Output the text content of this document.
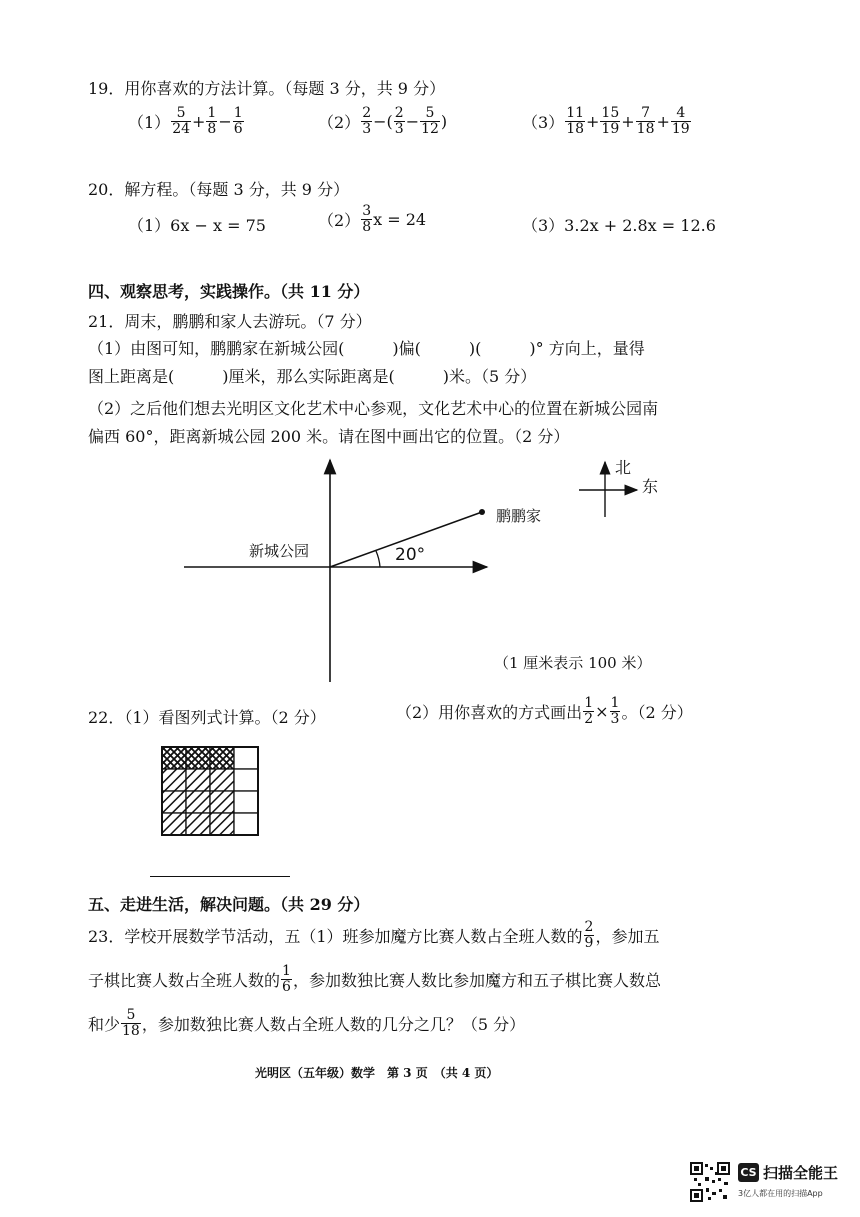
19．用你喜欢的方法计算。（每题 3 分，共 9 分）
$(1) \frac{5}{24} + \frac{1}{8} - \frac{1}{6}$	$(2) \frac{2}{3}$ −( $\frac{2}{3} - \frac{5}{12}$ )	$(3) \frac{11}{18} + \frac{15}{19} + \frac{7}{18} + \frac{4}{19}$
20．解方程。（每题 3 分，共 9 分）
（1）6x − x = 75	$(2) \frac{3}{8}$ x = 24	（3）3.2x + 2.8x = 12.6
四、观察思考，实践操作。（共 11 分）
21．周末，鹏鹏和家人去游玩。（7 分）
（1）由图可知，鹏鹏家在新城公园(　　　)偏(　　　)(　　　)° 方向上，量得
图上距离是(　　　)厘米，那么实际距离是(　　　)米。（5 分）
（2）之后他们想去光明区文化艺术中心参观，文化艺术中心的位置在新城公园南
偏西 60°，距离新城公园 200 米。请在图中画出它的位置。（2 分）
新城公园
鹏鹏家
20°
北
东
（1 厘米表示 100 米）
22．（1）看图列式计算。（2 分）	（2）用你喜欢的方式画出 $\frac{1}{2} \times \frac{1}{3}$ 。（2 分）
五、走进生活，解决问题。（共 29 分）
23．学校开展数学节活动，五（1）班参加魔方比赛人数占全班人数的 $\frac{2}{9}$ ，参加五
子棋比赛人数占全班人数的 $\frac{1}{6}$ ，参加数独比赛人数比参加魔方和五子棋比赛人数总
和少 $\frac{5}{18}$ ，参加数独比赛人数占全班人数的几分之几？（5 分）
光明区（五年级）数学　第 3 页　（共 4 页）
CS 扫描全能王
3亿人都在用的扫描App
